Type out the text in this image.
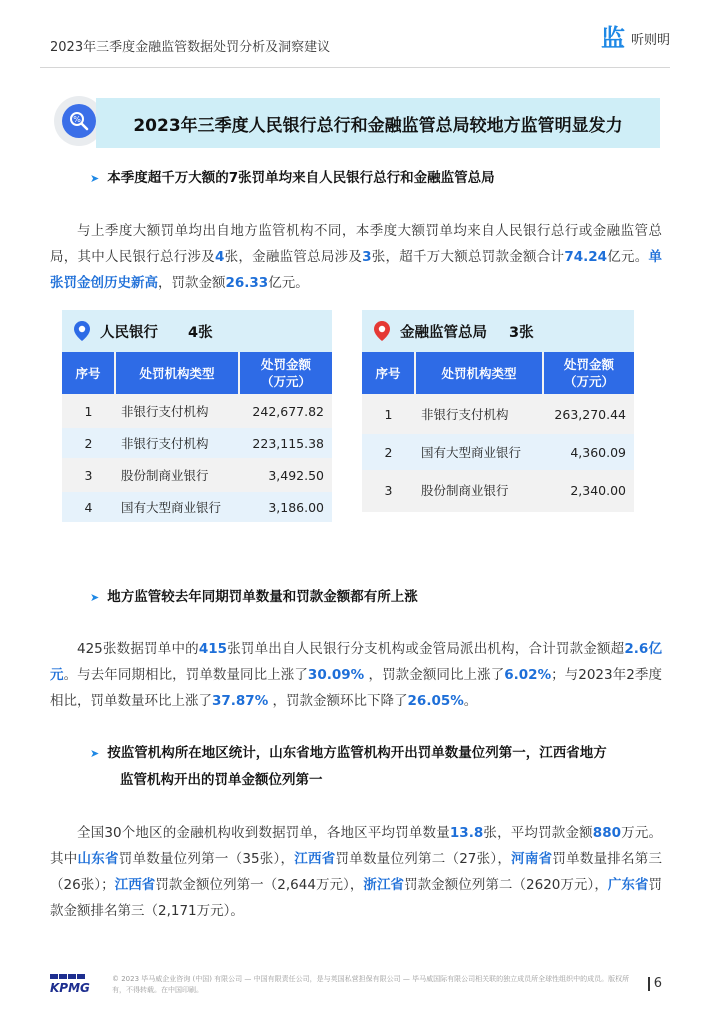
2023年三季度金融监管数据处罚分析及洞察建议	监 听则明
%	2023年三季度人民银行总行和金融监管总局较地方监管明显发力
➤ 本季度超千万大额的7张罚单均来自人民银行总行和金融监管总局
与上季度大额罚单均出自地方监管机构不同，本季度大额罚单均来自人民银行总行或金融监管总局，其中人民银行总行涉及4张，金融监管总局涉及3张，超千万大额总罚款金额合计74.24亿元。单张罚金创历史新高，罚款金额26.33亿元。
人民银行 4张
序号	处罚机构类型	处罚金额
（万元）
1	非银行支付机构	242,677.82
2	非银行支付机构	223,115.38
3	股份制商业银行	3,492.50
4	国有大型商业银行	3,186.00
金融监管总局 3张
序号	处罚机构类型	处罚金额
（万元）
1	非银行支付机构	263,270.44
2	国有大型商业银行	4,360.09
3	股份制商业银行	2,340.00
➤ 地方监管较去年同期罚单数量和罚款金额都有所上涨
425张数据罚单中的415张罚单出自人民银行分支机构或金管局派出机构，合计罚款金额超2.6亿元。与去年同期相比，罚单数量同比上涨了30.09% ，罚款金额同比上涨了6.02%；与2023年2季度相比，罚单数量环比上涨了37.87% ，罚款金额环比下降了26.05%。
➤ 按监管机构所在地区统计，山东省地方监管机构开出罚单数量位列第一，江西省地方
监管机构开出的罚单金额位列第一
全国30个地区的金融机构收到数据罚单，各地区平均罚单数量13.8张，平均罚款金额880万元。其中山东省罚单数量位列第一（35张），江西省罚单数量位列第二（27张），河南省罚单数量排名第三（26张）；江西省罚款金额位列第一（2,644万元），浙江省罚款金额位列第二（2620万元），广东省罚款金额排名第三（2,171万元）。
KPMG
© 2023 毕马威企业咨询 (中国) 有限公司 — 中国有限责任公司，是与英国私营担保有限公司 — 毕马威国际有限公司相关联的独立成员所全球性组织中的成员。版权所有，不得转载。在中国印刷。	6
